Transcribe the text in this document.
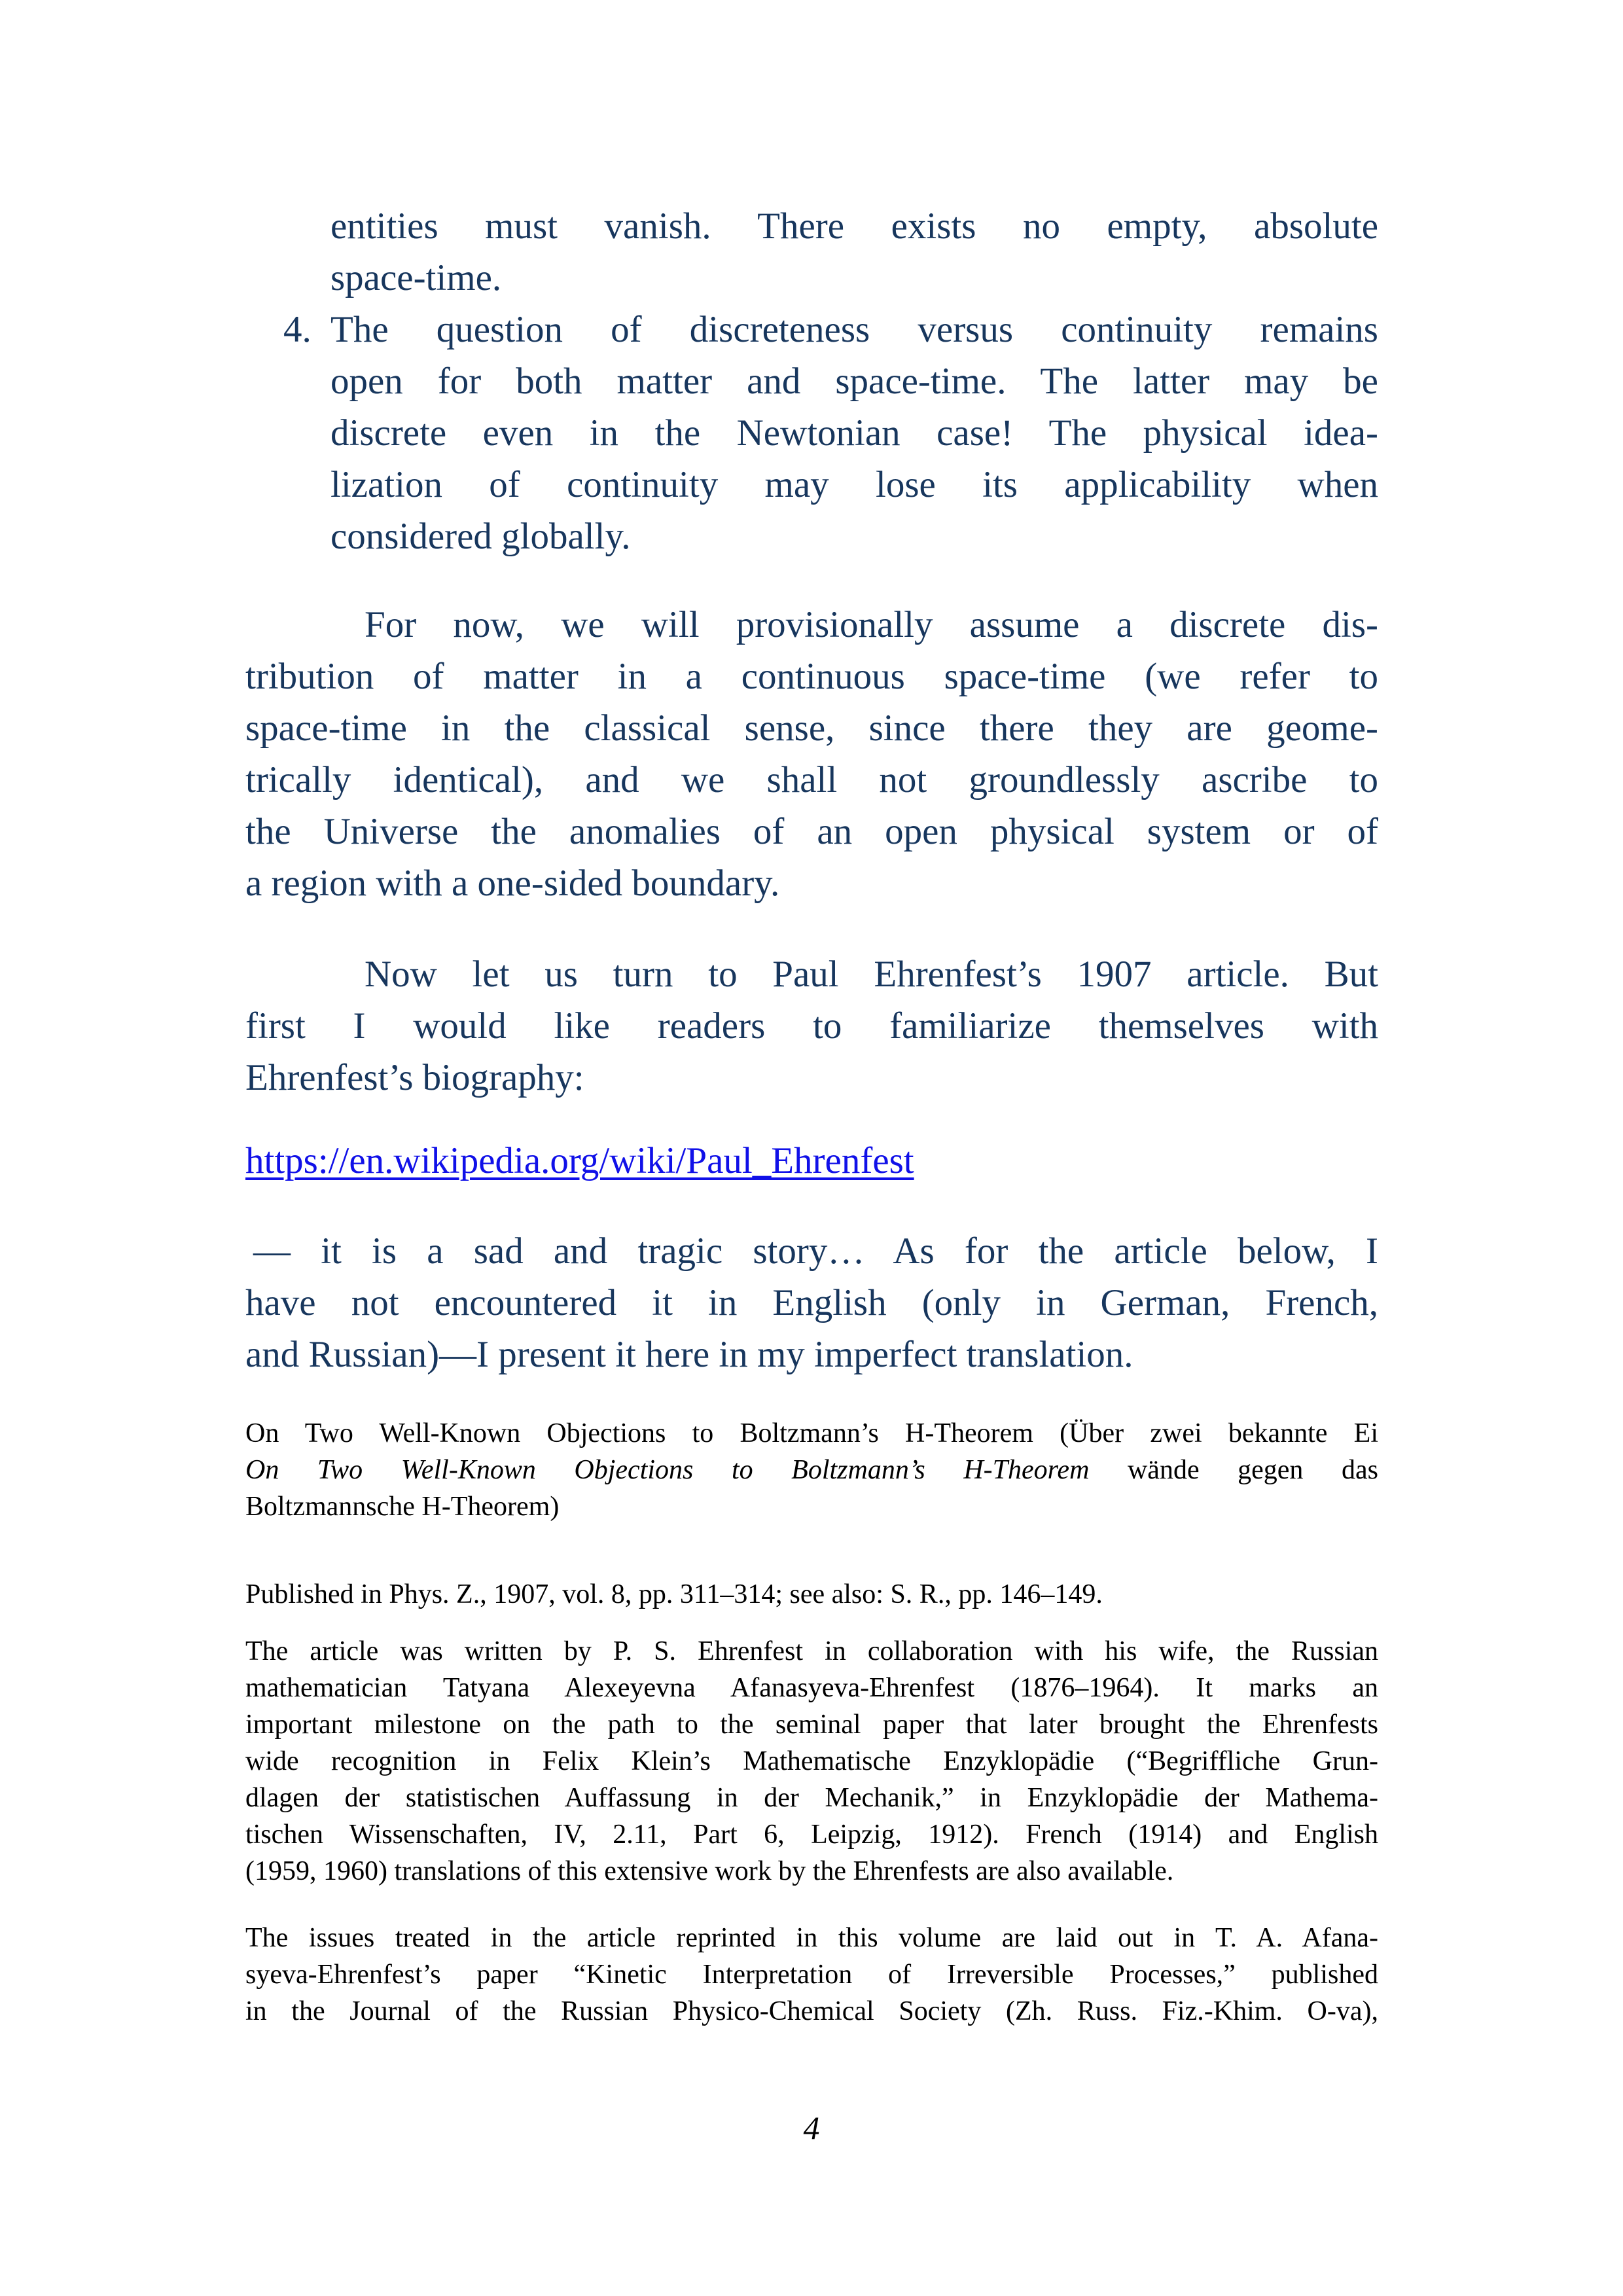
entities must vanish. There exists no empty, absolute
space-time.
4. The question of discreteness versus continuity remains
open for both matter and space-time. The latter may be
discrete even in the Newtonian case! The physical idea-
lization of continuity may lose its applicability when
considered globally.
For now, we will provisionally assume a discrete dis-
tribution of matter in a continuous space-time (we refer to
space-time in the classical sense, since there they are geome-
trically identical), and we shall not groundlessly ascribe to
the Universe the anomalies of an open physical system or of
a region with a one-sided boundary.
Now let us turn to Paul Ehrenfest’s 1907 article. But
first I would like readers to familiarize themselves with
Ehrenfest’s biography:
https://en.wikipedia.org/wiki/Paul_Ehrenfest
— it is a sad and tragic story… As for the article below, I
have not encountered it in English (only in German, French,
and Russian)—I present it here in my imperfect translation.
On Two Well-Known Objections to Boltzmann’s H-Theorem (Über zwei bekannte Ei
On Two Well-Known Objections to Boltzmann’s H-Theorem wände gegen das
Boltzmannsche H-Theorem)
Published in Phys. Z., 1907, vol. 8, pp. 311–314; see also: S. R., pp. 146–149.
The article was written by P. S. Ehrenfest in collaboration with his wife, the Russian
mathematician Tatyana Alexeyevna Afanasyeva-Ehrenfest (1876–1964). It marks an
important milestone on the path to the seminal paper that later brought the Ehrenfests
wide recognition in Felix Klein’s Mathematische Enzyklopädie (“Begriffliche Grun-
dlagen der statistischen Auffassung in der Mechanik,” in Enzyklopädie der Mathema-
tischen Wissenschaften, IV, 2.11, Part 6, Leipzig, 1912). French (1914) and English
(1959, 1960) translations of this extensive work by the Ehrenfests are also available.
The issues treated in the article reprinted in this volume are laid out in T. A. Afana-
syeva-Ehrenfest’s paper “Kinetic Interpretation of Irreversible Processes,” published
in the Journal of the Russian Physico-Chemical Society (Zh. Russ. Fiz.-Khim. O-va),
4
